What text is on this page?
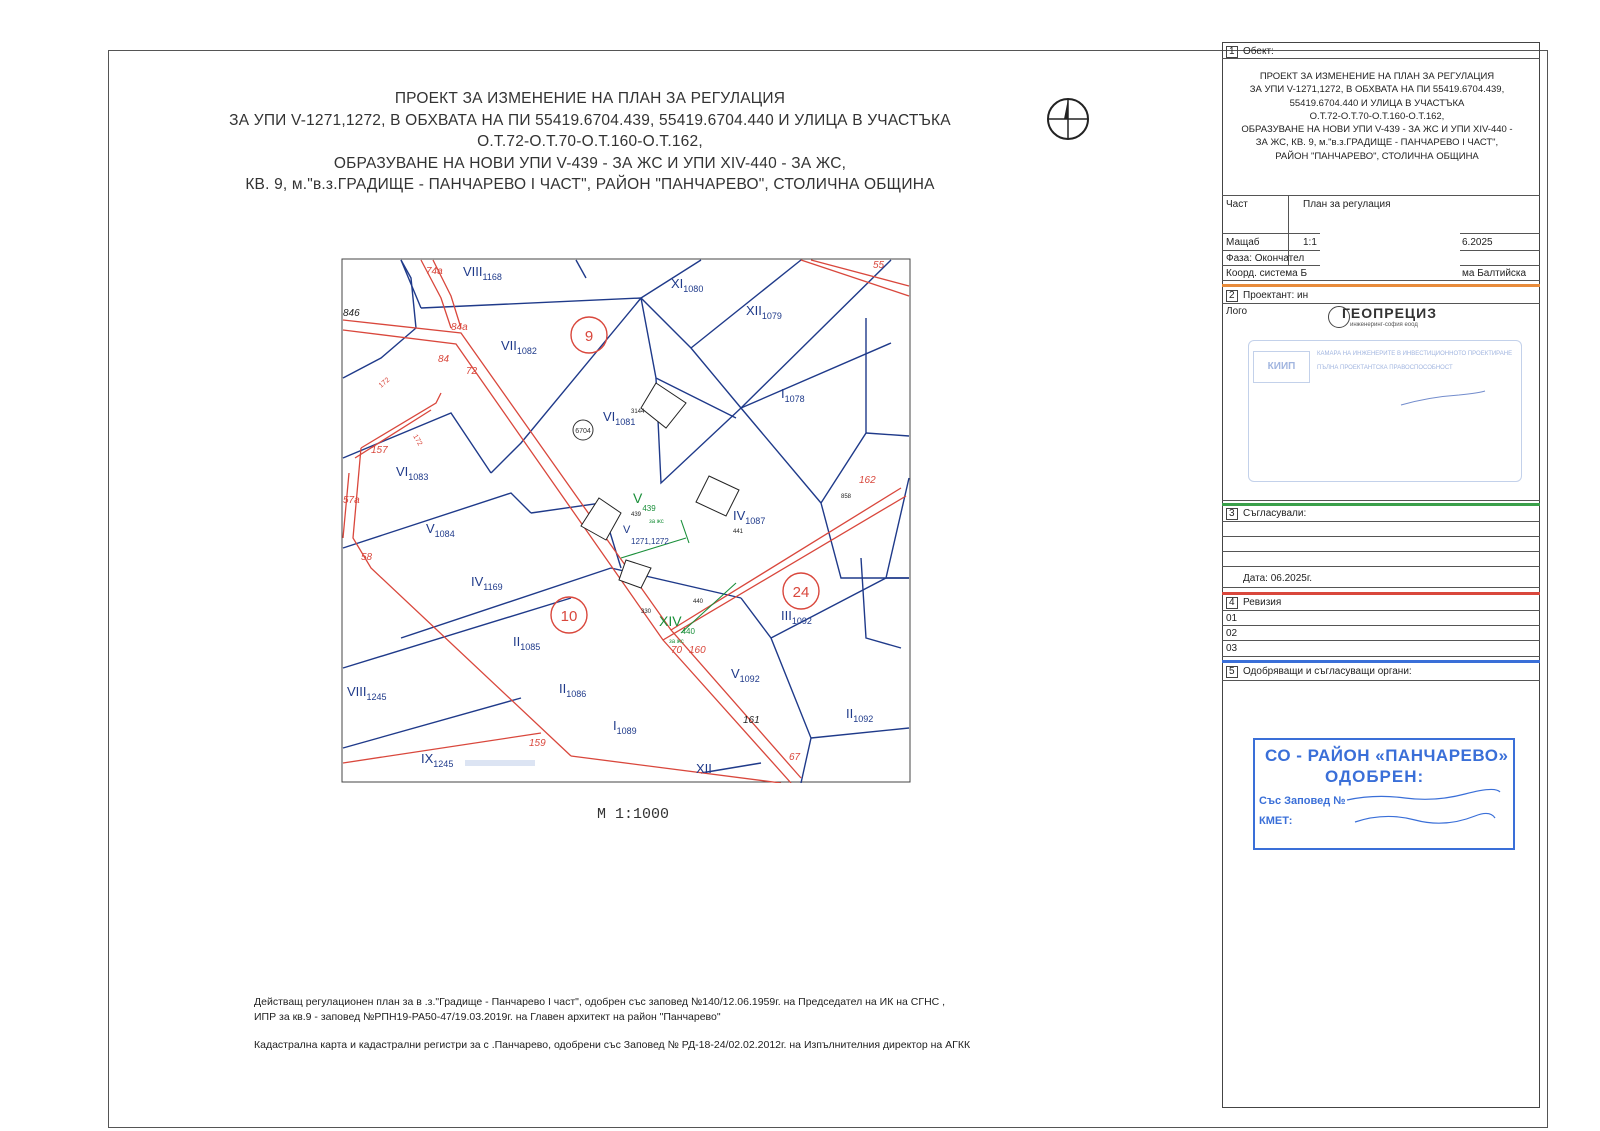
ПРОЕКТ ЗА ИЗМЕНЕНИЕ НА ПЛАН ЗА РЕГУЛАЦИЯ
ЗА УПИ V-1271,1272, В ОБХВАТА НА ПИ 55419.6704.439, 55419.6704.440 И УЛИЦА В УЧАСТЪКА
О.Т.72-О.Т.70-О.Т.160-О.Т.162,
ОБРАЗУВАНЕ НА НОВИ УПИ V-439 - ЗА ЖС И УПИ XIV-440 - ЗА ЖС,
КВ. 9, м."в.з.ГРАДИЩЕ - ПАНЧАРЕВО І ЧАСТ", РАЙОН "ПАНЧАРЕВО", СТОЛИЧНА ОБЩИНА
9
10
24
6704
$VIII_{1168}$	$XI_{1080}$
$XII_{1079}$
$VII_{1082}$
$VI_{1081}$
$I_{1078}$
$VI_{1083}$
$V_{1084}$
$IV_{1087}$
$IV_{1169}$
$III_{1092}$
$II_{1085}$
$II_{1086}$
$V_{1092}$
$VIII_{1245}$
$I_{1089}$
$II_{1092}$
$IX_{1245}$	XII
$V_{439}$
за жс
$XIV_{440}$
за жс
V
1271,1272
74а
84а
84
72
846
157
57а
58
162
160
70
161
67
55
159
3144
439
441
440
330
858
172
172
М 1:1000
Действащ регулационен план за в .з."Градище - Панчарево І част", одобрен със заповед №140/12.06.1959г. на Председател на ИК на СГНС ,
ИПР за кв.9 - заповед №РПН19-РА50-47/19.03.2019г. на Главен архитект на район "Панчарево"
Кадастрална карта и кадастрални регистри за с .Панчарево, одобрени със Заповед № РД-18-24/02.02.2012г. на Изпълнителния директор на АГКК
1 Обект:
ПРОЕКТ ЗА ИЗМЕНЕНИЕ НА ПЛАН ЗА РЕГУЛАЦИЯ
ЗА УПИ V-1271,1272, В ОБХВАТА НА ПИ 55419.6704.439,
55419.6704.440 И УЛИЦА В УЧАСТЪКА
О.Т.72-О.Т.70-О.Т.160-О.Т.162,
ОБРАЗУВАНЕ НА НОВИ УПИ V-439 - ЗА ЖС И УПИ XIV-440 -
ЗА ЖС, КВ. 9, м."в.з.ГРАДИЩЕ - ПАНЧАРЕВО І ЧАСТ",
РАЙОН "ПАНЧАРЕВО", СТОЛИЧНА ОБЩИНА
Част	План за регулация
Мащаб	1:1	6.2025
Фаза: Окончател
Коорд. система Б	ма Балтийска
2 Проектант: ин
Лого	ГЕОПРЕЦИЗ
инженеринг-софия еоод
КИИП
КАМАРА НА ИНЖЕНЕРИТЕ В ИНВЕСТИЦИОННОТО ПРОЕКТИРАНЕ
ПЪЛНА ПРОЕКТАНТСКА ПРАВОСПОСОБНОСТ
3 Съгласували:
Дата: 06.2025г.
4 Ревизия
01
02
03
5 Одобряващи и съгласуващи органи:
СО - РАЙОН «ПАНЧАРЕВО»
ОДОБРЕН:
Със Заповед №
КМЕТ:
